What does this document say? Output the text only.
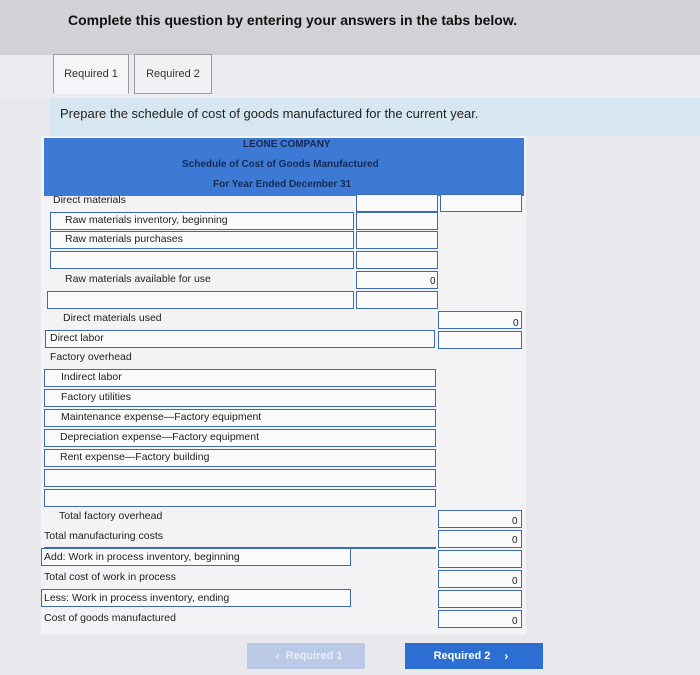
Complete this question by entering your answers in the tabs below.
Required 1	Required 2
Prepare the schedule of cost of goods manufactured for the current year.
LEONE COMPANY
Schedule of Cost of Goods Manufactured
For Year Ended December 31
Direct materials
Raw materials inventory, beginning
Raw materials purchases
Raw materials available for use	0
Direct materials used	0
Direct labor
Factory overhead
Indirect labor
Factory utilities
Maintenance expense—Factory equipment
Depreciation expense—Factory equipment
Rent expense—Factory building
Total factory overhead	0
Total manufacturing costs	0
Add: Work in process inventory, beginning
Total cost of work in process	0
Less: Work in process inventory, ending
Cost of goods manufactured	0
‹ Required 1	Required 2 ›
